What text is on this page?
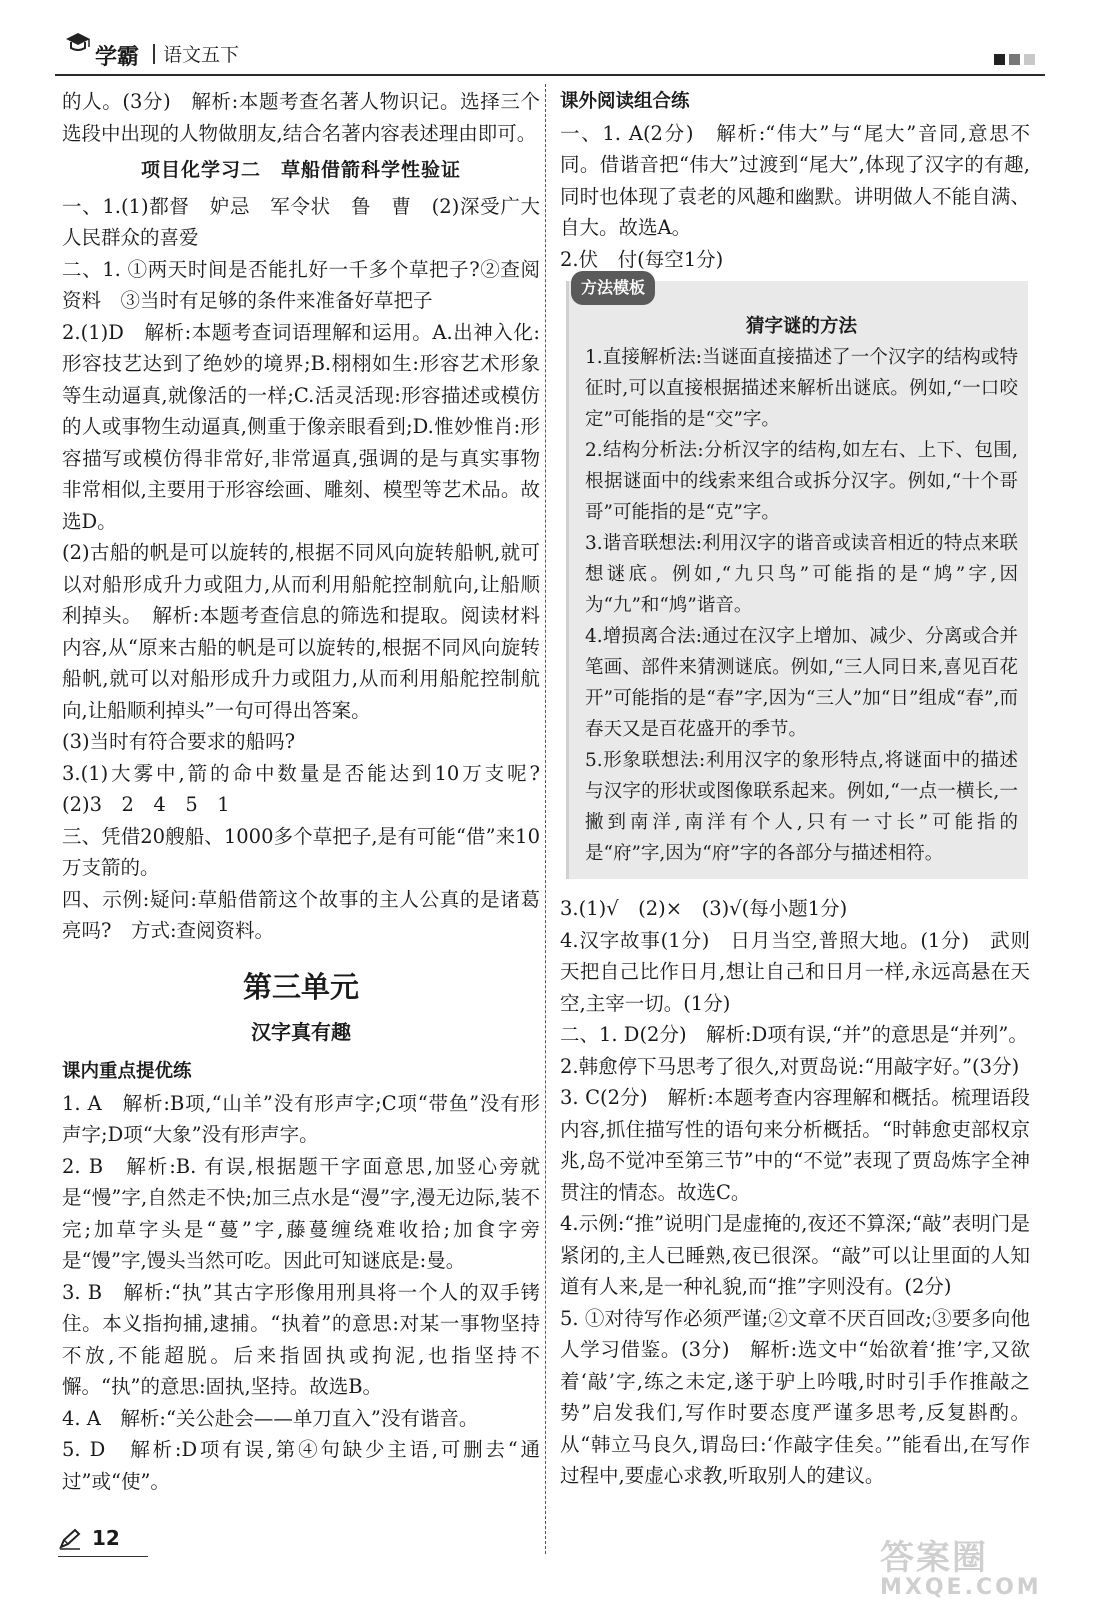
学霸 语文五下

的人。(3分)　解析:本题考查名著人物识记。选择三个选段中出现的人物做朋友,结合名著内容表述理由即可。

项目化学习二　草船借箭科学性验证

一、1.(1)都督　妒忌　军令状　鲁　曹　(2)深受广大人民群众的喜爱

二、1. ①两天时间是否能扎好一千多个草把子?②查阅资料　③当时有足够的条件来准备好草把子

2.(1)D　解析:本题考查词语理解和运用。A.出神入化:形容技艺达到了绝妙的境界;B.栩栩如生:形容艺术形象等生动逼真,就像活的一样;C.活灵活现:形容描述或模仿的人或事物生动逼真,侧重于像亲眼看到;D.惟妙惟肖:形容描写或模仿得非常好,非常逼真,强调的是与真实事物非常相似,主要用于形容绘画、雕刻、模型等艺术品。故选D。

(2)古船的帆是可以旋转的,根据不同风向旋转船帆,就可以对船形成升力或阻力,从而利用船舵控制航向,让船顺利掉头。　解析:本题考查信息的筛选和提取。阅读材料内容,从“原来古船的帆是可以旋转的,根据不同风向旋转船帆,就可以对船形成升力或阻力,从而利用船舵控制航向,让船顺利掉头”一句可得出答案。

(3)当时有符合要求的船吗?

3.(1)大雾中,箭的命中数量是否能达到10万支呢?　(2)3　2　4　5　1

三、凭借20艘船、1000多个草把子,是有可能“借”来10万支箭的。

四、示例:疑问:草船借箭这个故事的主人公真的是诸葛亮吗?　方式:查阅资料。

第三单元

汉字真有趣

课内重点提优练

1. A　解析:B项,“山羊”没有形声字;C项“带鱼”没有形声字;D项“大象”没有形声字。

2. B　解析:B. 有误,根据题干字面意思,加竖心旁就是“慢”字,自然走不快;加三点水是“漫”字,漫无边际,装不完;加草字头是“蔓”字,藤蔓缠绕难收拾;加食字旁是“馒”字,馒头当然可吃。因此可知谜底是:曼。

3. B　解析:“执”其古字形像用刑具将一个人的双手铐住。本义指拘捕,逮捕。“执着”的意思:对某一事物坚持不放,不能超脱。后来指固执或拘泥,也指坚持不懈。“执”的意思:固执,坚持。故选B。

4. A　解析:“关公赴会——单刀直入”没有谐音。

5. D　解析:D项有误,第④句缺少主语,可删去“通过”或“使”。

课外阅读组合练

一、1. A(2分)　解析:“伟大”与“尾大”音同,意思不同。借谐音把“伟大”过渡到“尾大”,体现了汉字的有趣,同时也体现了袁老的风趣和幽默。讲明做人不能自满、自大。故选A。

2.伏　付(每空1分)

方法模板

猜字谜的方法

1.直接解析法:当谜面直接描述了一个汉字的结构或特征时,可以直接根据描述来解析出谜底。例如,“一口咬定”可能指的是“交”字。

2.结构分析法:分析汉字的结构,如左右、上下、包围,根据谜面中的线索来组合或拆分汉字。例如,“十个哥哥”可能指的是“克”字。

3.谐音联想法:利用汉字的谐音或读音相近的特点来联想谜底。例如,“九只鸟”可能指的是“鸠”字,因为“九”和“鸠”谐音。

4.增损离合法:通过在汉字上增加、减少、分离或合并笔画、部件来猜测谜底。例如,“三人同日来,喜见百花开”可能指的是“春”字,因为“三人”加“日”组成“春”,而春天又是百花盛开的季节。

5.形象联想法:利用汉字的象形特点,将谜面中的描述与汉字的形状或图像联系起来。例如,“一点一横长,一撇到南洋,南洋有个人,只有一寸长”可能指的是“府”字,因为“府”字的各部分与描述相符。

3.(1)√　(2)×　(3)√(每小题1分)

4.汉字故事(1分)　日月当空,普照大地。(1分)　武则天把自己比作日月,想让自己和日月一样,永远高悬在天空,主宰一切。(1分)

二、1. D(2分)　解析:D项有误,“并”的意思是“并列”。

2.韩愈停下马思考了很久,对贾岛说:“用敲字好。”(3分)

3. C(2分)　解析:本题考查内容理解和概括。梳理语段内容,抓住描写性的语句来分析概括。“时韩愈吏部权京兆,岛不觉冲至第三节”中的“不觉”表现了贾岛炼字全神贯注的情态。故选C。

4.示例:“推”说明门是虚掩的,夜还不算深;“敲”表明门是紧闭的,主人已睡熟,夜已很深。“敲”可以让里面的人知道有人来,是一种礼貌,而“推”字则没有。(2分)

5. ①对待写作必须严谨;②文章不厌百回改;③要多向他人学习借鉴。(3分)　解析:选文中“始欲着‘推’字,又欲着‘敲’字,练之未定,遂于驴上吟哦,时时引手作推敲之势”启发我们,写作时要态度严谨多思考,反复斟酌。从“韩立马良久,谓岛曰:‘作敲字佳矣。’”能看出,在写作过程中,要虚心求教,听取别人的建议。

12	答案圈
MXQE.COM
